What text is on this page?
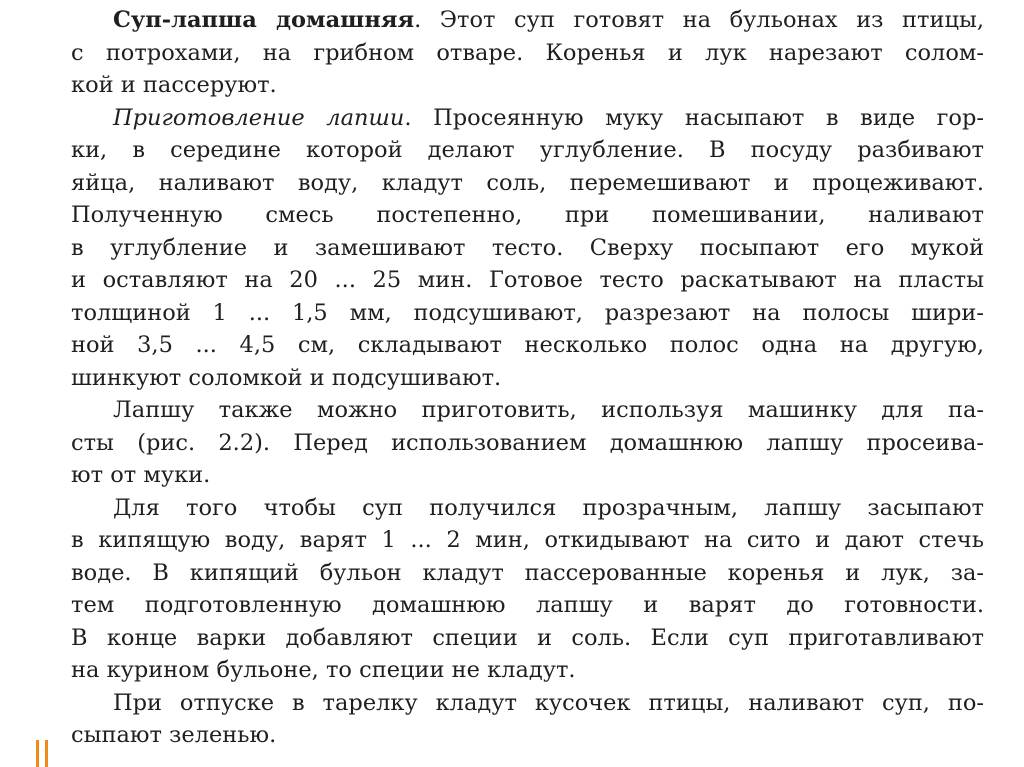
Суп-лапша домашняя. Этот суп готовят на бульонах из птицы,
с потрохами, на грибном отваре. Коренья и лук нарезают солом-
кой и пассеруют.
Приготовление лапши. Просеянную муку насыпают в виде гор-
ки, в середине которой делают углубление. В посуду разбивают
яйца, наливают воду, кладут соль, перемешивают и процеживают.
Полученную смесь постепенно, при помешивании, наливают
в углубление и замешивают тесто. Сверху посыпают его мукой
и оставляют на 20 ... 25 мин. Готовое тесто раскатывают на пласты
толщиной 1 ... 1,5 мм, подсушивают, разрезают на полосы шири-
ной 3,5 ... 4,5 см, складывают несколько полос одна на другую,
шинкуют соломкой и подсушивают.
Лапшу также можно приготовить, используя машинку для па-
сты (рис. 2.2). Перед использованием домашнюю лапшу просеива-
ют от муки.
Для того чтобы суп получился прозрачным, лапшу засыпают
в кипящую воду, варят 1 ... 2 мин, откидывают на сито и дают стечь
воде. В кипящий бульон кладут пассерованные коренья и лук, за-
тем подготовленную домашнюю лапшу и варят до готовности.
В конце варки добавляют специи и соль. Если суп приготавливают
на курином бульоне, то специи не кладут.
При отпуске в тарелку кладут кусочек птицы, наливают суп, по-
сыпают зеленью.
